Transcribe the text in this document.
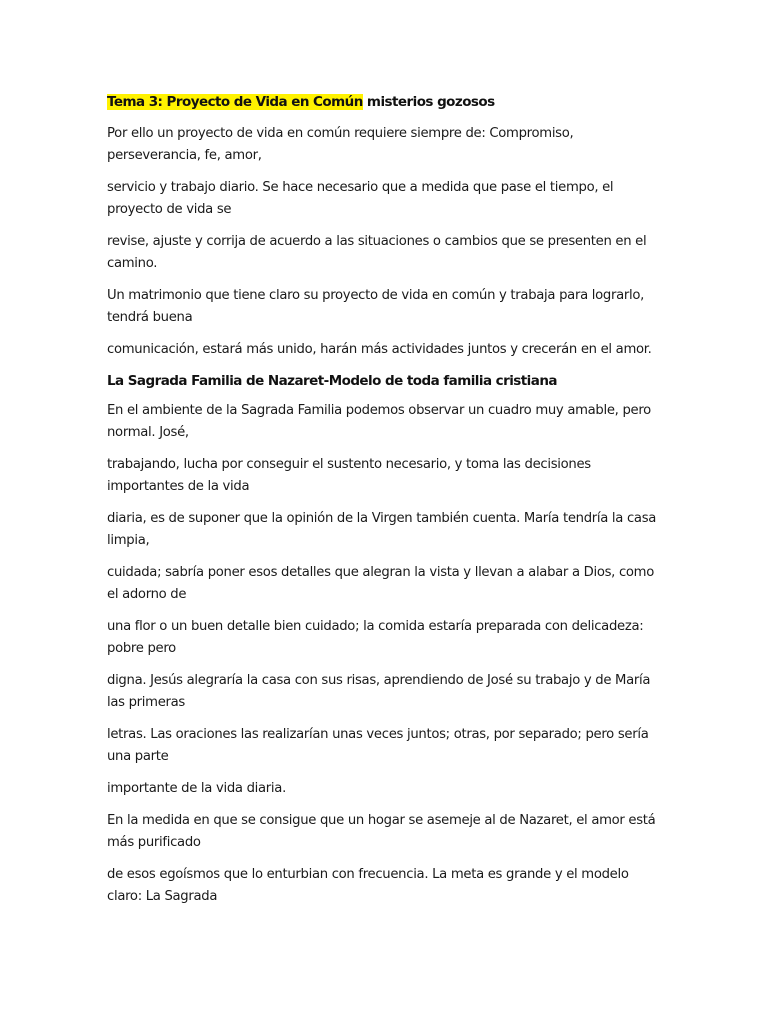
Tema 3: Proyecto de Vida en Común misterios gozosos

Por ello un proyecto de vida en común requiere siempre de: Compromiso, perseverancia, fe, amor,

servicio y trabajo diario. Se hace necesario que a medida que pase el tiempo, el proyecto de vida se

revise, ajuste y corrija de acuerdo a las situaciones o cambios que se presenten en el camino.

Un matrimonio que tiene claro su proyecto de vida en común y trabaja para lograrlo, tendrá buena

comunicación, estará más unido, harán más actividades juntos y crecerán en el amor.

La Sagrada Familia de Nazaret-Modelo de toda familia cristiana

En el ambiente de la Sagrada Familia podemos observar un cuadro muy amable, pero normal. José,

trabajando, lucha por conseguir el sustento necesario, y toma las decisiones importantes de la vida

diaria, es de suponer que la opinión de la Virgen también cuenta. María tendría la casa limpia,

cuidada; sabría poner esos detalles que alegran la vista y llevan a alabar a Dios, como el adorno de

una flor o un buen detalle bien cuidado; la comida estaría preparada con delicadeza: pobre pero

digna. Jesús alegraría la casa con sus risas, aprendiendo de José su trabajo y de María las primeras

letras. Las oraciones las realizarían unas veces juntos; otras, por separado; pero sería una parte

importante de la vida diaria.

En la medida en que se consigue que un hogar se asemeje al de Nazaret, el amor está más purificado

de esos egoísmos que lo enturbian con frecuencia. La meta es grande y el modelo claro: La Sagrada
